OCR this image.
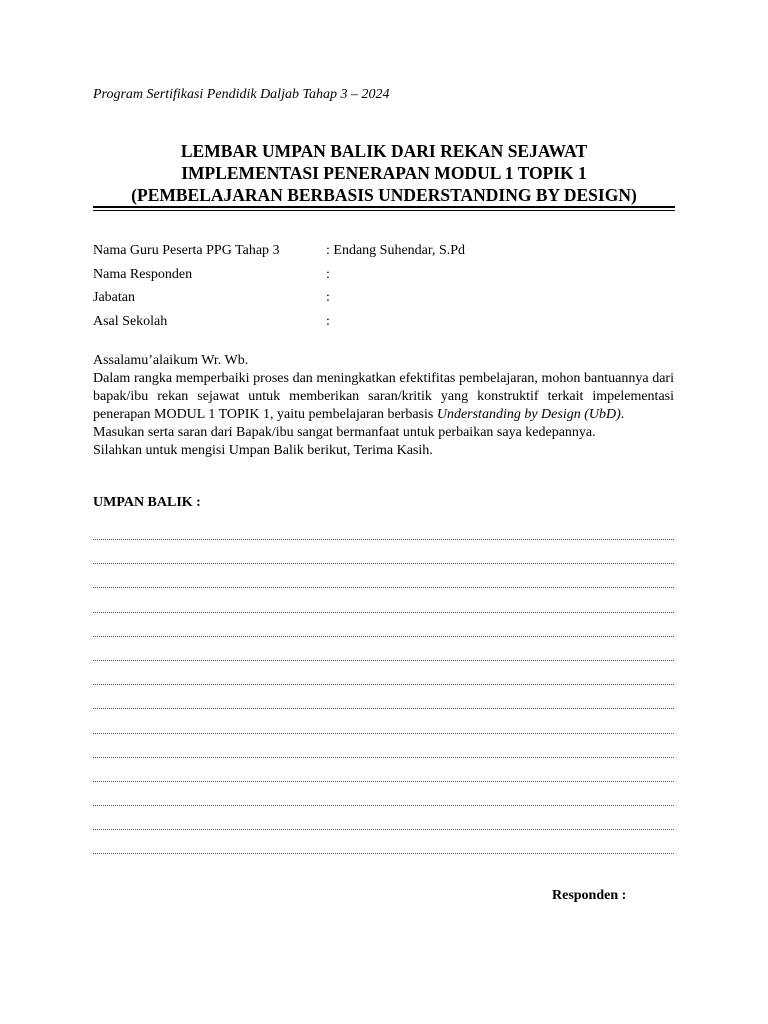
Program Sertifikasi Pendidik Daljab Tahap 3 – 2024
LEMBAR UMPAN BALIK DARI REKAN SEJAWAT
IMPLEMENTASI PENERAPAN MODUL 1 TOPIK 1
(PEMBELAJARAN BERBASIS UNDERSTANDING BY DESIGN)
Nama Guru Peserta PPG Tahap 3	: Endang Suhendar, S.Pd
Nama Responden	:
Jabatan	:
Asal Sekolah	:

Assalamu’alaikum Wr. Wb.

Dalam rangka memperbaiki proses dan meningkatkan efektifitas pembelajaran, mohon bantuannya dari bapak/ibu rekan sejawat untuk memberikan saran/kritik yang konstruktif terkait impelementasi penerapan MODUL 1 TOPIK 1, yaitu pembelajaran berbasis Understanding by Design (UbD).

Masukan serta saran dari Bapak/ibu sangat bermanfaat untuk perbaikan saya kedepannya.

Silahkan untuk mengisi Umpan Balik berikut, Terima Kasih.

UMPAN BALIK :
Responden :
